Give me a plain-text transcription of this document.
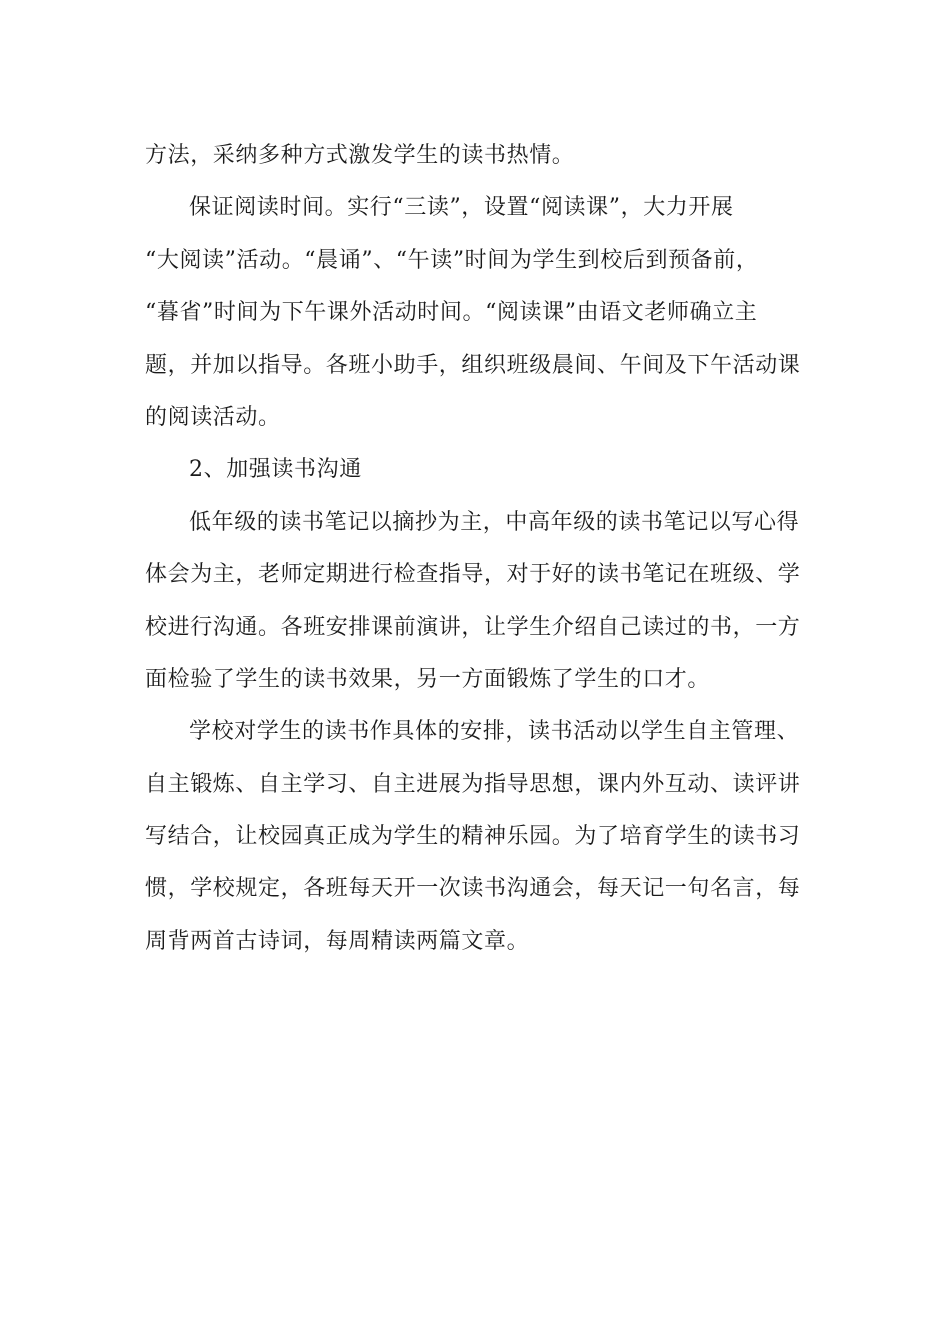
方法，采纳多种方式激发学生的读书热情。
保证阅读时间。实行“三读”，设置“阅读课”，大力开展
“大阅读”活动。“晨诵”、“午读”时间为学生到校后到预备前，
“暮省”时间为下午课外活动时间。“阅读课”由语文老师确立主
题，并加以指导。各班小助手，组织班级晨间、午间及下午活动课
的阅读活动。
2、加强读书沟通
低年级的读书笔记以摘抄为主，中高年级的读书笔记以写心得
体会为主，老师定期进行检查指导，对于好的读书笔记在班级、学
校进行沟通。各班安排课前演讲，让学生介绍自己读过的书，一方
面检验了学生的读书效果，另一方面锻炼了学生的口才。
学校对学生的读书作具体的安排，读书活动以学生自主管理、
自主锻炼、自主学习、自主进展为指导思想，课内外互动、读评讲
写结合，让校园真正成为学生的精神乐园。为了培育学生的读书习
惯，学校规定，各班每天开一次读书沟通会，每天记一句名言，每
周背两首古诗词，每周精读两篇文章。
